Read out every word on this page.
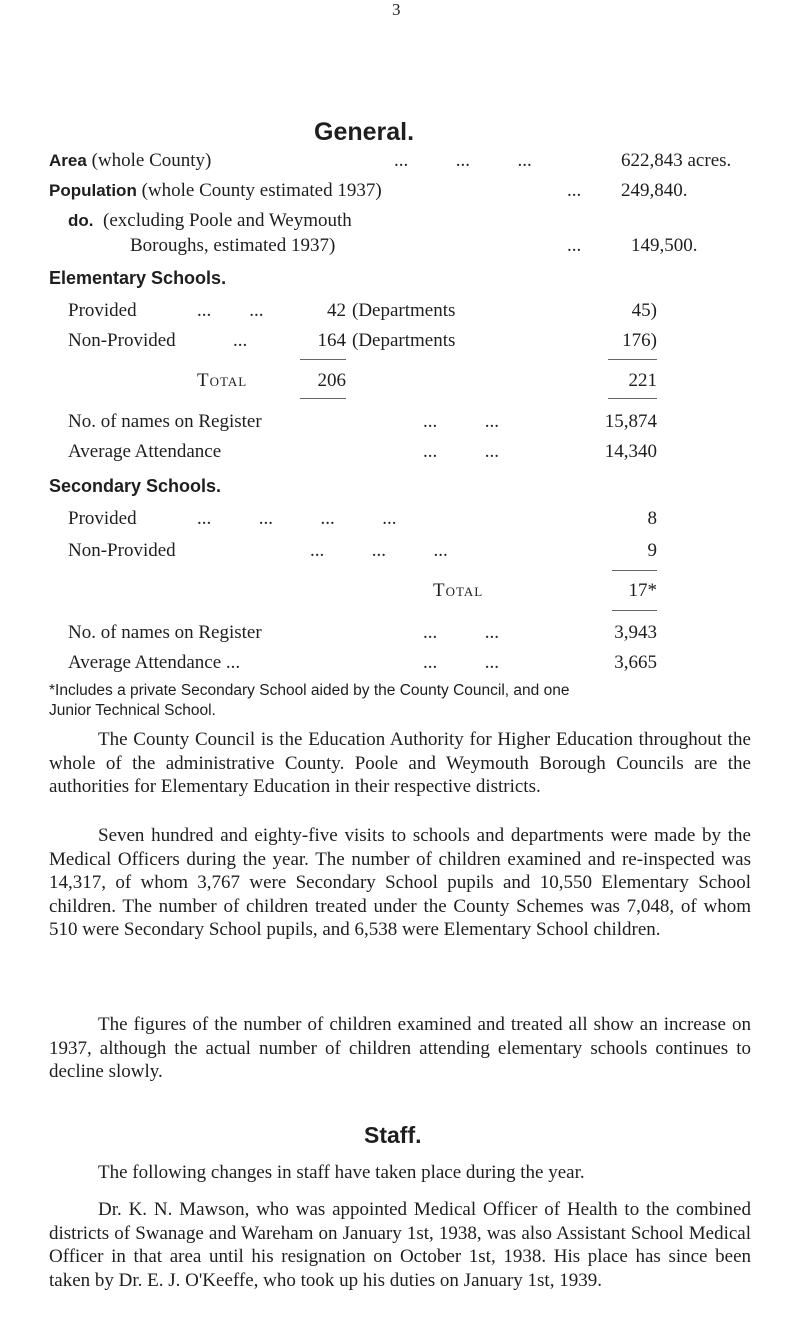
3
General.
Area (whole County)	...          ...          ...	622,843 acres.
Population (whole County estimated 1937)	... 249,840.
do. (excluding Poole and Weymouth
Boroughs, estimated 1937)	...	149,500.
Elementary Schools.
Provided	...        ...	42 (Departments	45)
Non-Provided	...	164 (Departments	176)
Total	206	221
No. of names on Register	...          ...	15,874
Average Attendance	...          ...	14,340
Secondary Schools.
Provided	...          ...          ...          ...	8
Non-Provided	...          ...          ...	9
Total	17*
No. of names on Register	...          ...	3,943
Average Attendance ...	...          ...	3,665
*Includes a private Secondary School aided by the County Council, and one
Junior Technical School.
The County Council is the Education Authority for Higher Education throughout the whole of the administrative County. Poole and Weymouth Borough Councils are the authorities for Elementary Education in their respective districts.
Seven hundred and eighty-five visits to schools and departments were made by the Medical Officers during the year. The number of children examined and re-inspected was 14,317, of whom 3,767 were Secondary School pupils and 10,550 Elementary School children. The number of children treated under the County Schemes was 7,048, of whom 510 were Secondary School pupils, and 6,538 were Elementary School children.
The figures of the number of children examined and treated all show an increase on 1937, although the actual number of children attending elementary schools continues to decline slowly.
Staff.
The following changes in staff have taken place during the year.
Dr. K. N. Mawson, who was appointed Medical Officer of Health to the combined districts of Swanage and Wareham on January 1st, 1938, was also Assistant School Medical Officer in that area until his resignation on October 1st, 1938. His place has since been taken by Dr. E. J. O'Keeffe, who took up his duties on January 1st, 1939.
